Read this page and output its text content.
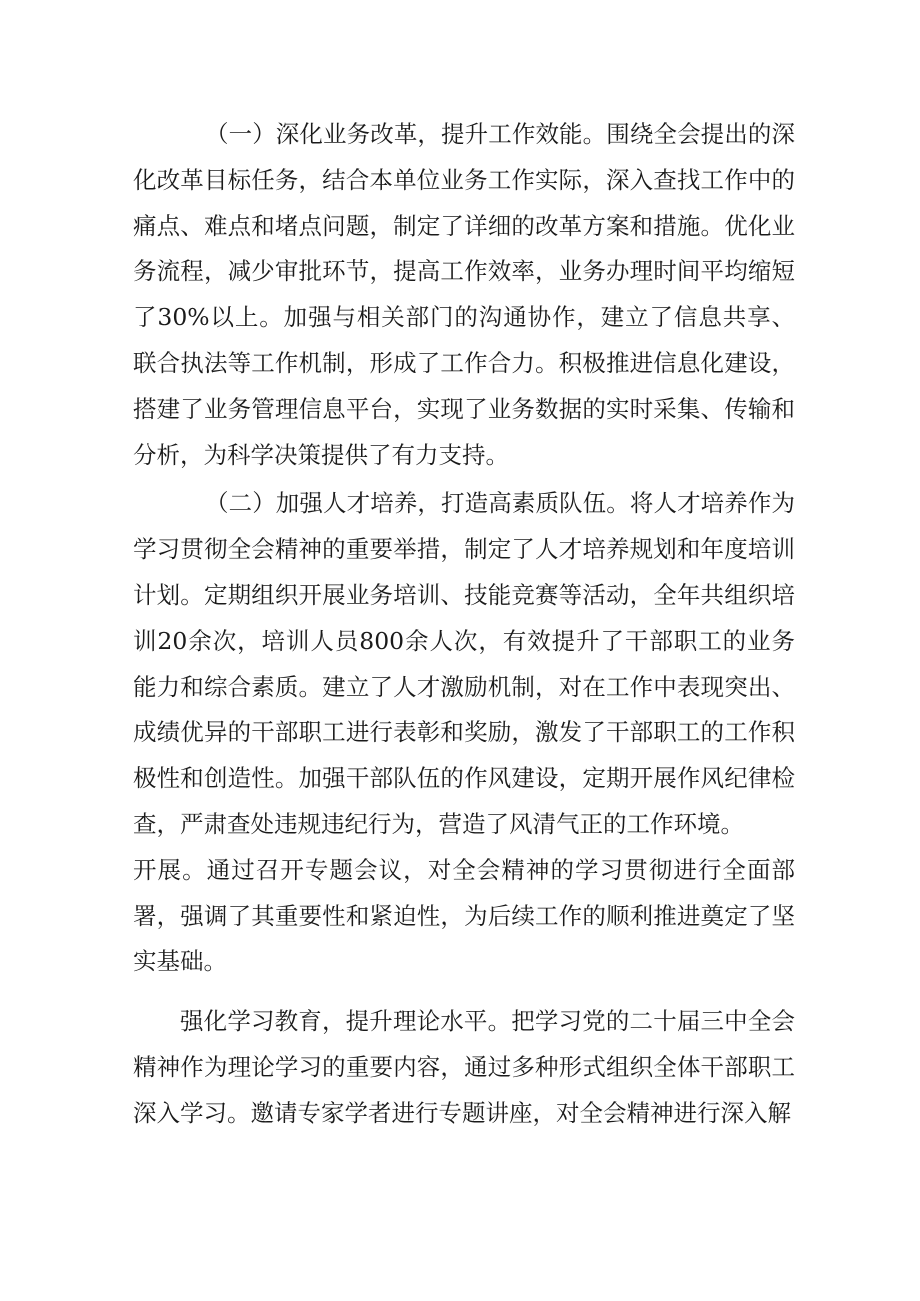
（一）深化业务改革，提升工作效能。围绕全会提出的深化改革目标任务，结合本单位业务工作实际，深入查找工作中的痛点、难点和堵点问题，制定了详细的改革方案和措施。优化业务流程，减少审批环节，提高工作效率，业务办理时间平均缩短了30%以上。加强与相关部门的沟通协作，建立了信息共享、联合执法等工作机制，形成了工作合力。积极推进信息化建设，搭建了业务管理信息平台，实现了业务数据的实时采集、传输和分析，为科学决策提供了有力支持。

（二）加强人才培养，打造高素质队伍。将人才培养作为学习贯彻全会精神的重要举措，制定了人才培养规划和年度培训计划。定期组织开展业务培训、技能竞赛等活动，全年共组织培训20余次，培训人员800余人次，有效提升了干部职工的业务能力和综合素质。建立了人才激励机制，对在工作中表现突出、成绩优异的干部职工进行表彰和奖励，激发了干部职工的工作积极性和创造性。加强干部队伍的作风建设，定期开展作风纪律检查，严肃查处违规违纪行为，营造了风清气正的工作环境。

开展。通过召开专题会议，对全会精神的学习贯彻进行全面部署，强调了其重要性和紧迫性，为后续工作的顺利推进奠定了坚实基础。

强化学习教育，提升理论水平。把学习党的二十届三中全会精神作为理论学习的重要内容，通过多种形式组织全体干部职工深入学习。邀请专家学者进行专题讲座，对全会精神进行深入解
